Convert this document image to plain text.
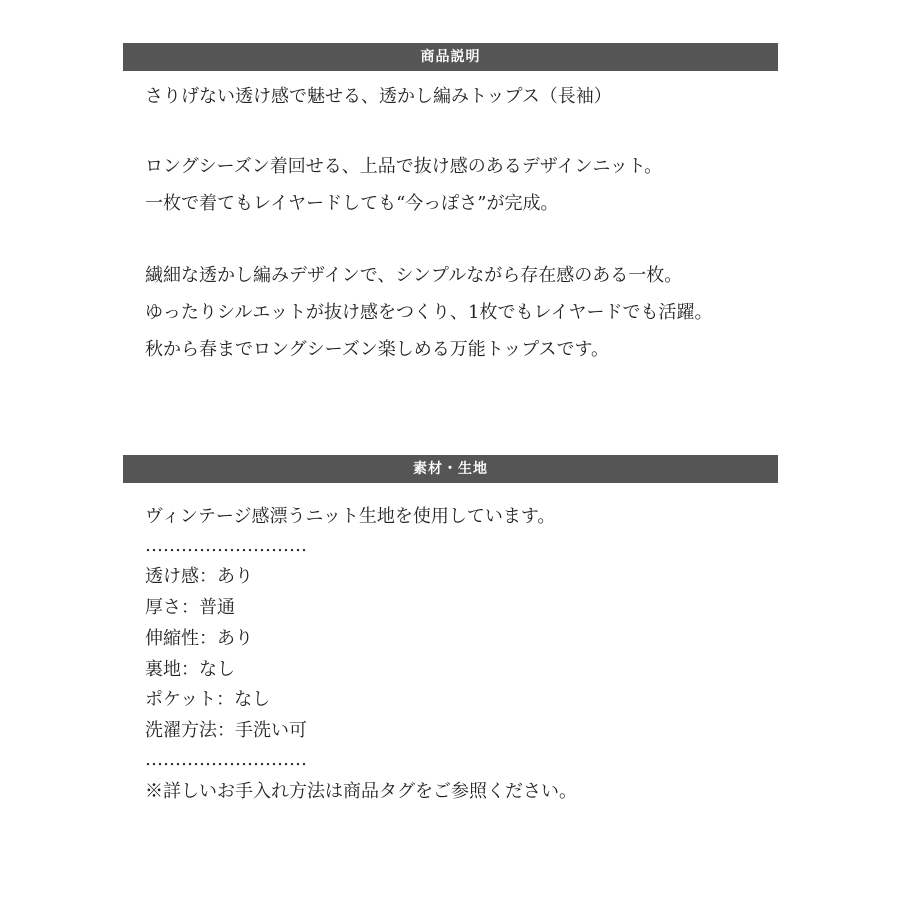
商品説明
さりげない透け感で魅せる、透かし編みトップス（長袖）
ロングシーズン着回せる、上品で抜け感のあるデザインニット。
一枚で着てもレイヤードしても“今っぽさ”が完成。
繊細な透かし編みデザインで、シンプルながら存在感のある一枚。
ゆったりシルエットが抜け感をつくり、1枚でもレイヤードでも活躍。
秋から春までロングシーズン楽しめる万能トップスです。
素材・生地
ヴィンテージ感漂うニット生地を使用しています。
………………………
透け感：あり
厚さ：普通
伸縮性：あり
裏地：なし
ポケット：なし
洗濯方法：手洗い可
………………………
※詳しいお手入れ方法は商品タグをご参照ください。
